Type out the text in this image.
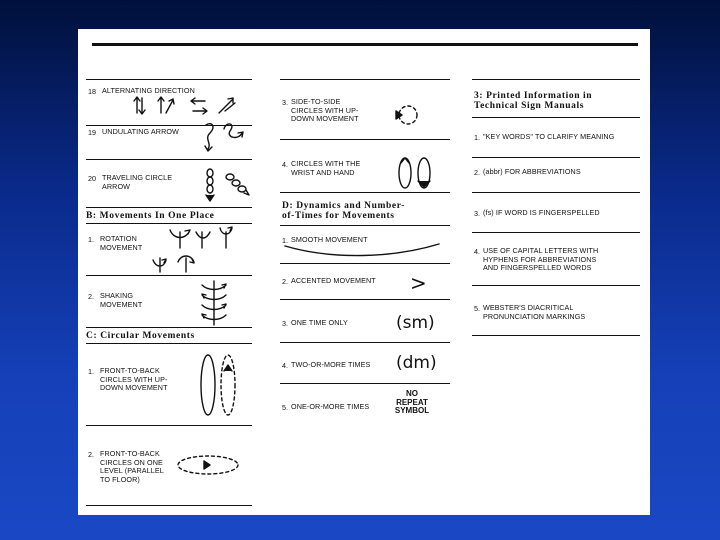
18 ALTERNATING DIRECTION
19 UNDULATING ARROW
20 TRAVELING CIRCLE
ARROW
B: Movements In One Place
1. ROTATION
MOVEMENT
2. SHAKING
MOVEMENT
C: Circular Movements
1. FRONT-TO-BACK
CIRCLES WITH UP-
DOWN MOVEMENT
2. FRONT-TO-BACK
CIRCLES ON ONE
LEVEL (PARALLEL
TO FLOOR)
3. SIDE-TO-SIDE
CIRCLES WITH UP-
DOWN MOVEMENT
4. CIRCLES WITH THE
WRIST AND HAND
D: Dynamics and Number-
of-Times for Movements
1. SMOOTH MOVEMENT
2. ACCENTED MOVEMENT >
3. ONE TIME ONLY	(sm)
4. TWO-OR-MORE TIMES (dm)
5. ONE-OR-MORE TIMES
NO
REPEAT
SYMBOL
3: Printed Information in
Technical Sign Manuals
1. "KEY WORDS" TO CLARIFY MEANING
2. (abbr) FOR ABBREVIATIONS
3. (fs) IF WORD IS FINGERSPELLED
4. USE OF CAPITAL LETTERS WITH
HYPHENS FOR ABBREVIATIONS
AND FINGERSPELLED WORDS
5. WEBSTER'S DIACRITICAL
PRONUNCIATION MARKINGS
